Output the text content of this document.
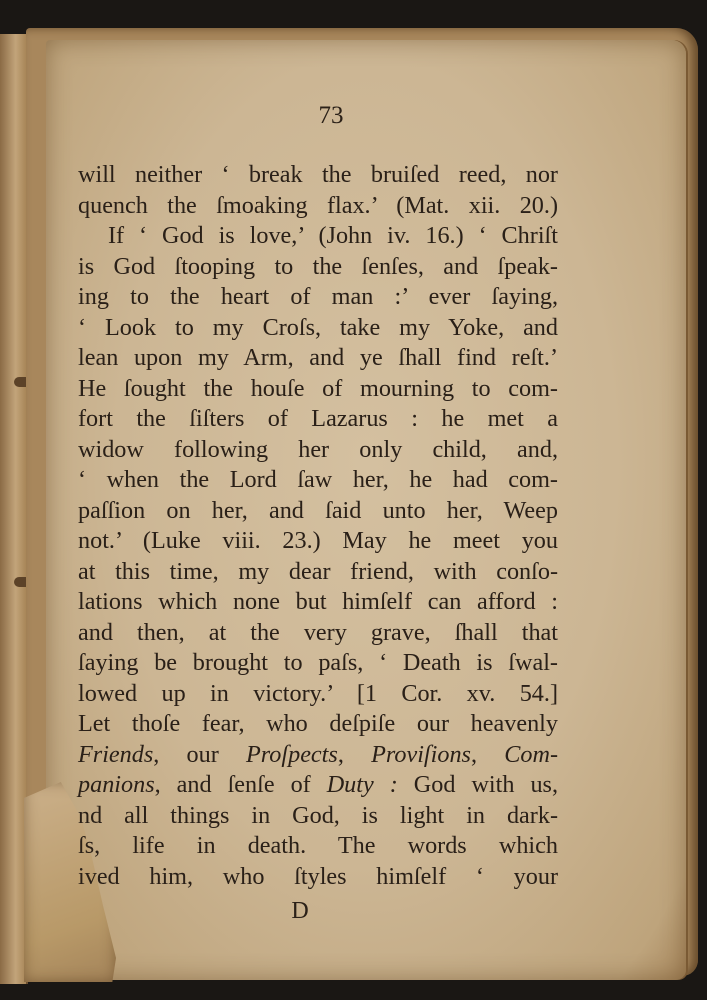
73
will neither ‘ break the bruiſed reed, nor
quench the ſmoaking flax.’ (Mat. xii. 20.)
If ‘ God is love,’ (John iv. 16.) ‘ Chriſt
is God ſtooping to the ſenſes, and ſpeak-
ing to the heart of man :’ ever ſaying,
‘ Look to my Croſs, take my Yoke, and
lean upon my Arm, and ye ſhall find reſt.’
He ſought the houſe of mourning to com-
fort the ſiſters of Lazarus : he met a
widow following her only child, and,
‘ when the Lord ſaw her, he had com-
paſſion on her, and ſaid unto her, Weep
not.’ (Luke viii. 23.) May he meet you
at this time, my dear friend, with conſo-
lations which none but himſelf can afford :
and then, at the very grave, ſhall that
ſaying be brought to paſs, ‘ Death is ſwal-
lowed up in victory.’ [1 Cor. xv. 54.]
Let thoſe fear, who deſpiſe our heavenly
Friends, our Proſpects, Proviſions, Com-
panions, and ſenſe of Duty : God with us,
nd all things in God, is light in dark-
ſs, life in death. The words which
ived him, who ſtyles himſelf ‘ your
D
